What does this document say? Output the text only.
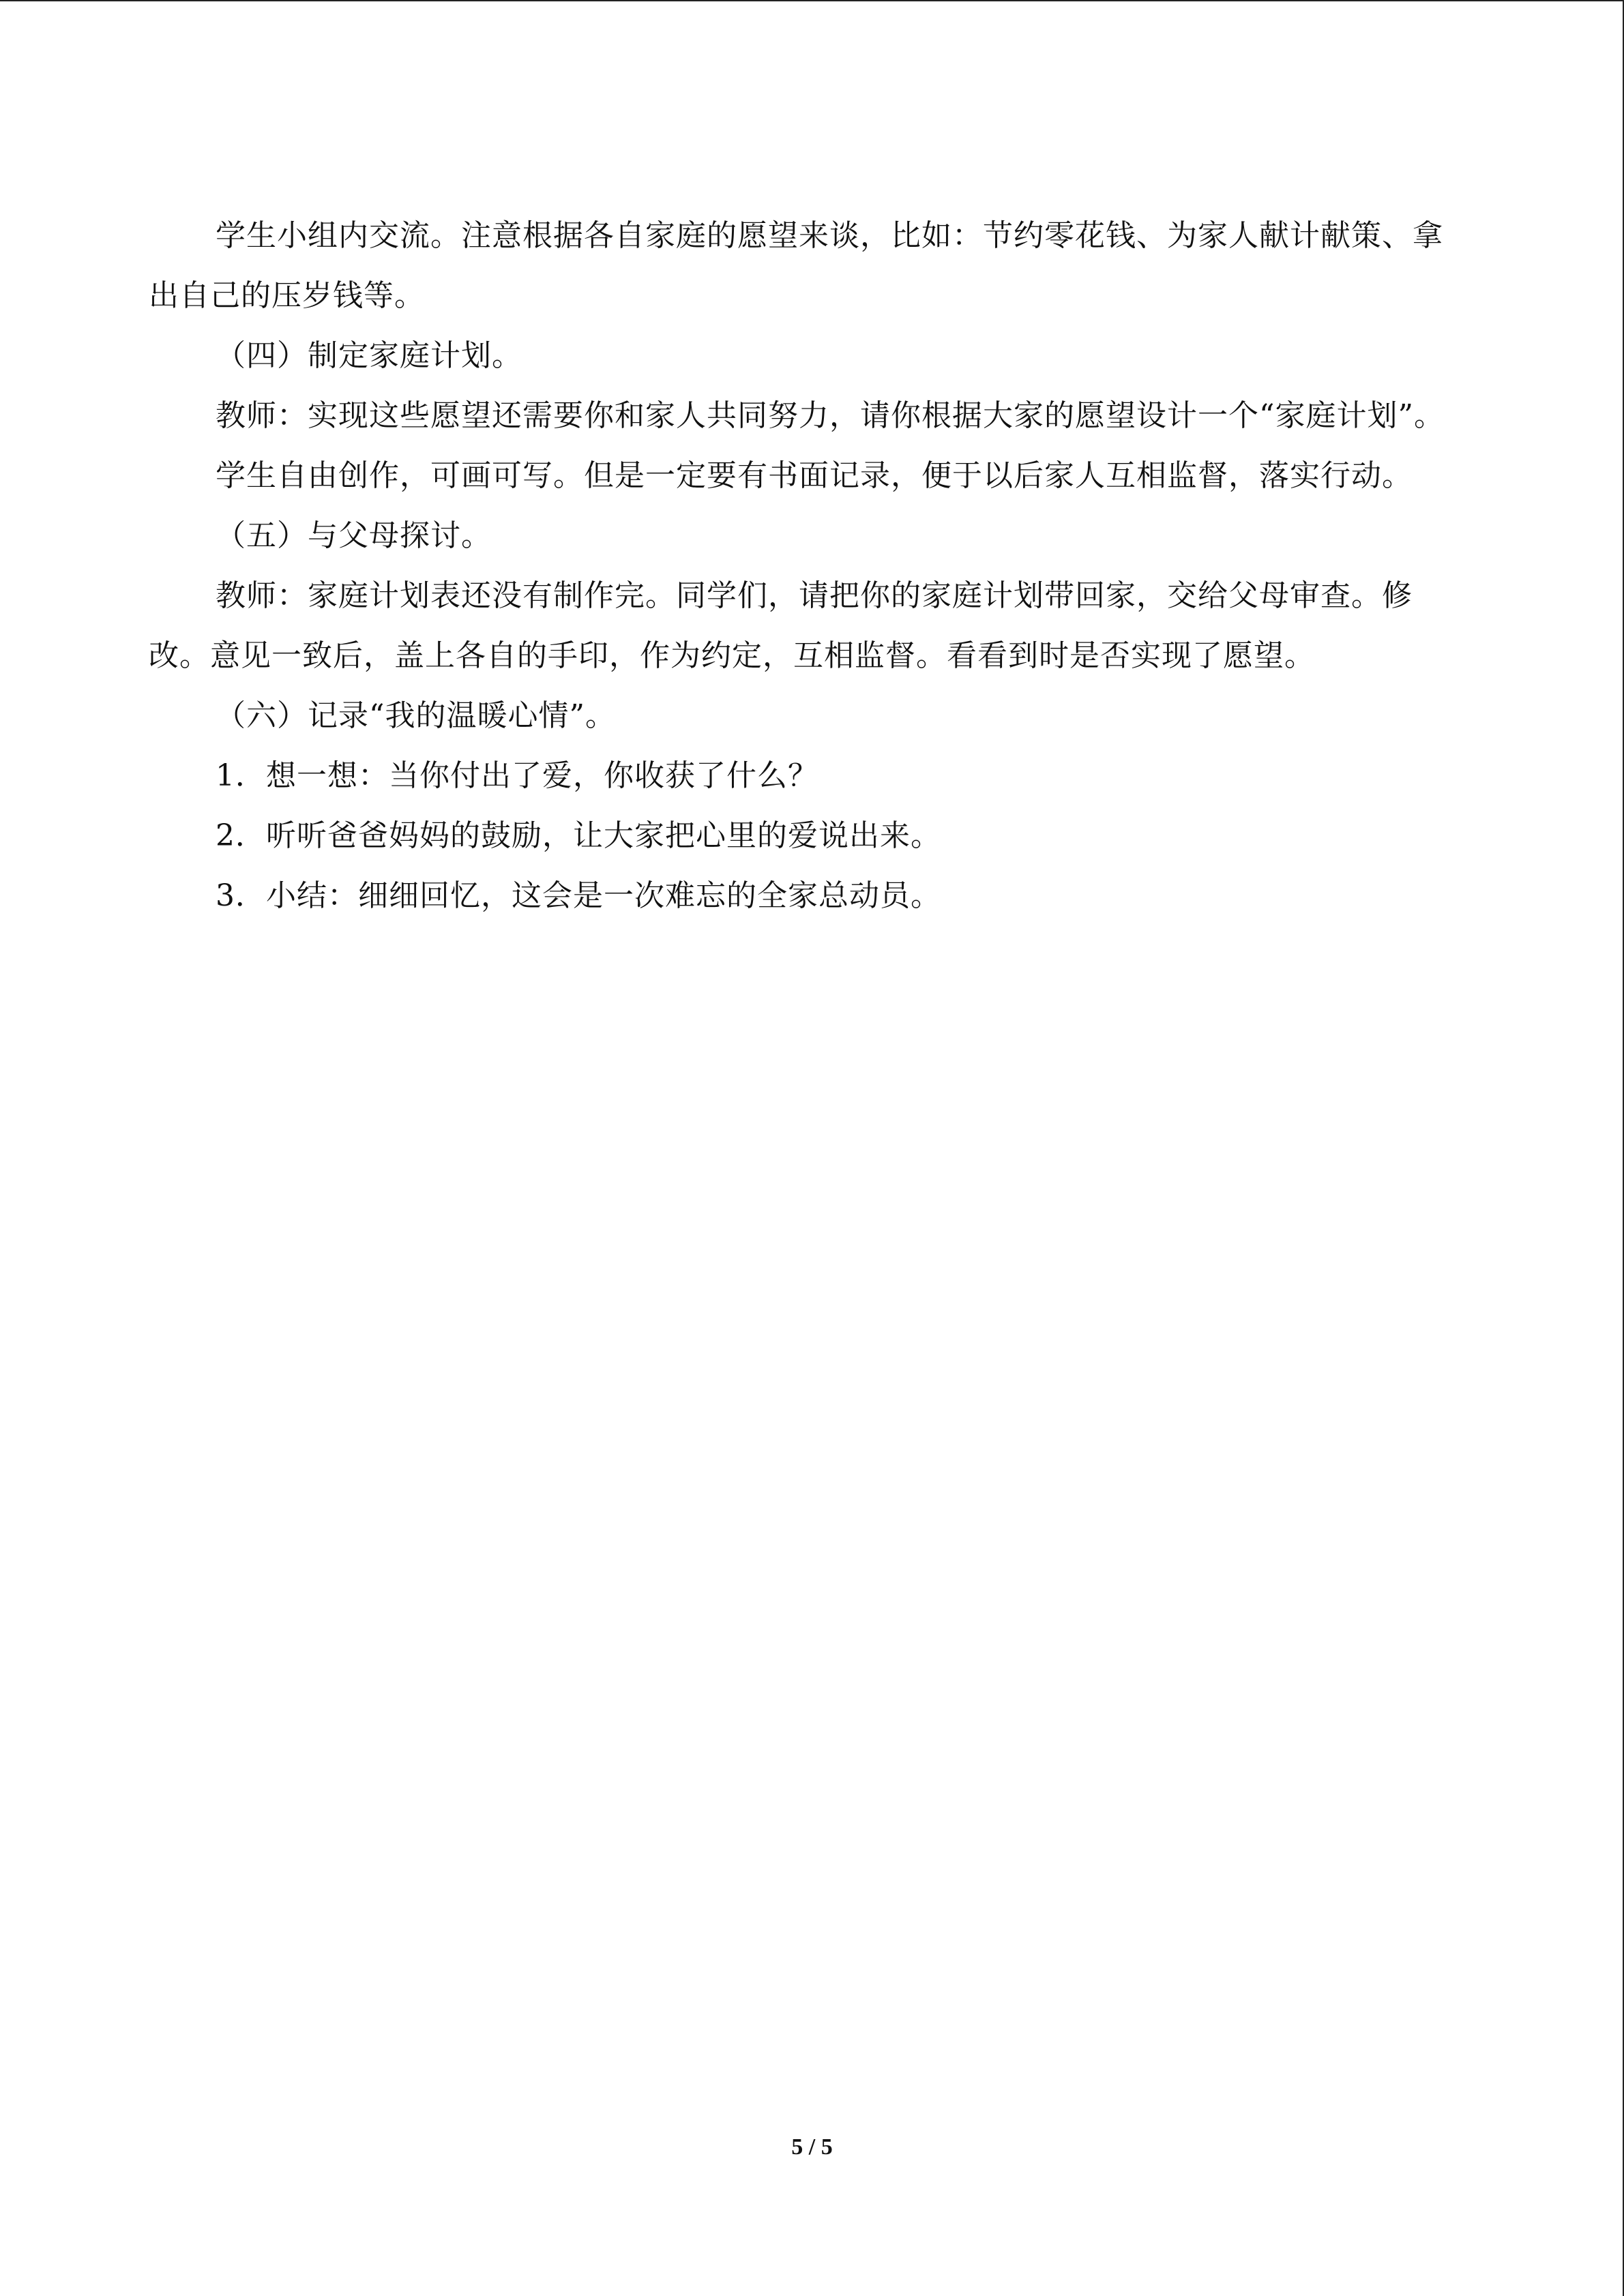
学生小组内交流。注意根据各自家庭的愿望来谈，比如：节约零花钱、为家人献计献策、拿出自己的压岁钱等。

（四）制定家庭计划。

教师：实现这些愿望还需要你和家人共同努力，请你根据大家的愿望设计一个“家庭计划”。

学生自由创作，可画可写。但是一定要有书面记录，便于以后家人互相监督，落实行动。

（五）与父母探讨。

教师：家庭计划表还没有制作完。同学们，请把你的家庭计划带回家，交给父母审查。修改。意见一致后，盖上各自的手印，作为约定，互相监督。看看到时是否实现了愿望。

（六）记录“我的温暖心情”。

1．想一想：当你付出了爱，你收获了什么？

2．听听爸爸妈妈的鼓励，让大家把心里的爱说出来。

3．小结：细细回忆，这会是一次难忘的全家总动员。

5 / 5
